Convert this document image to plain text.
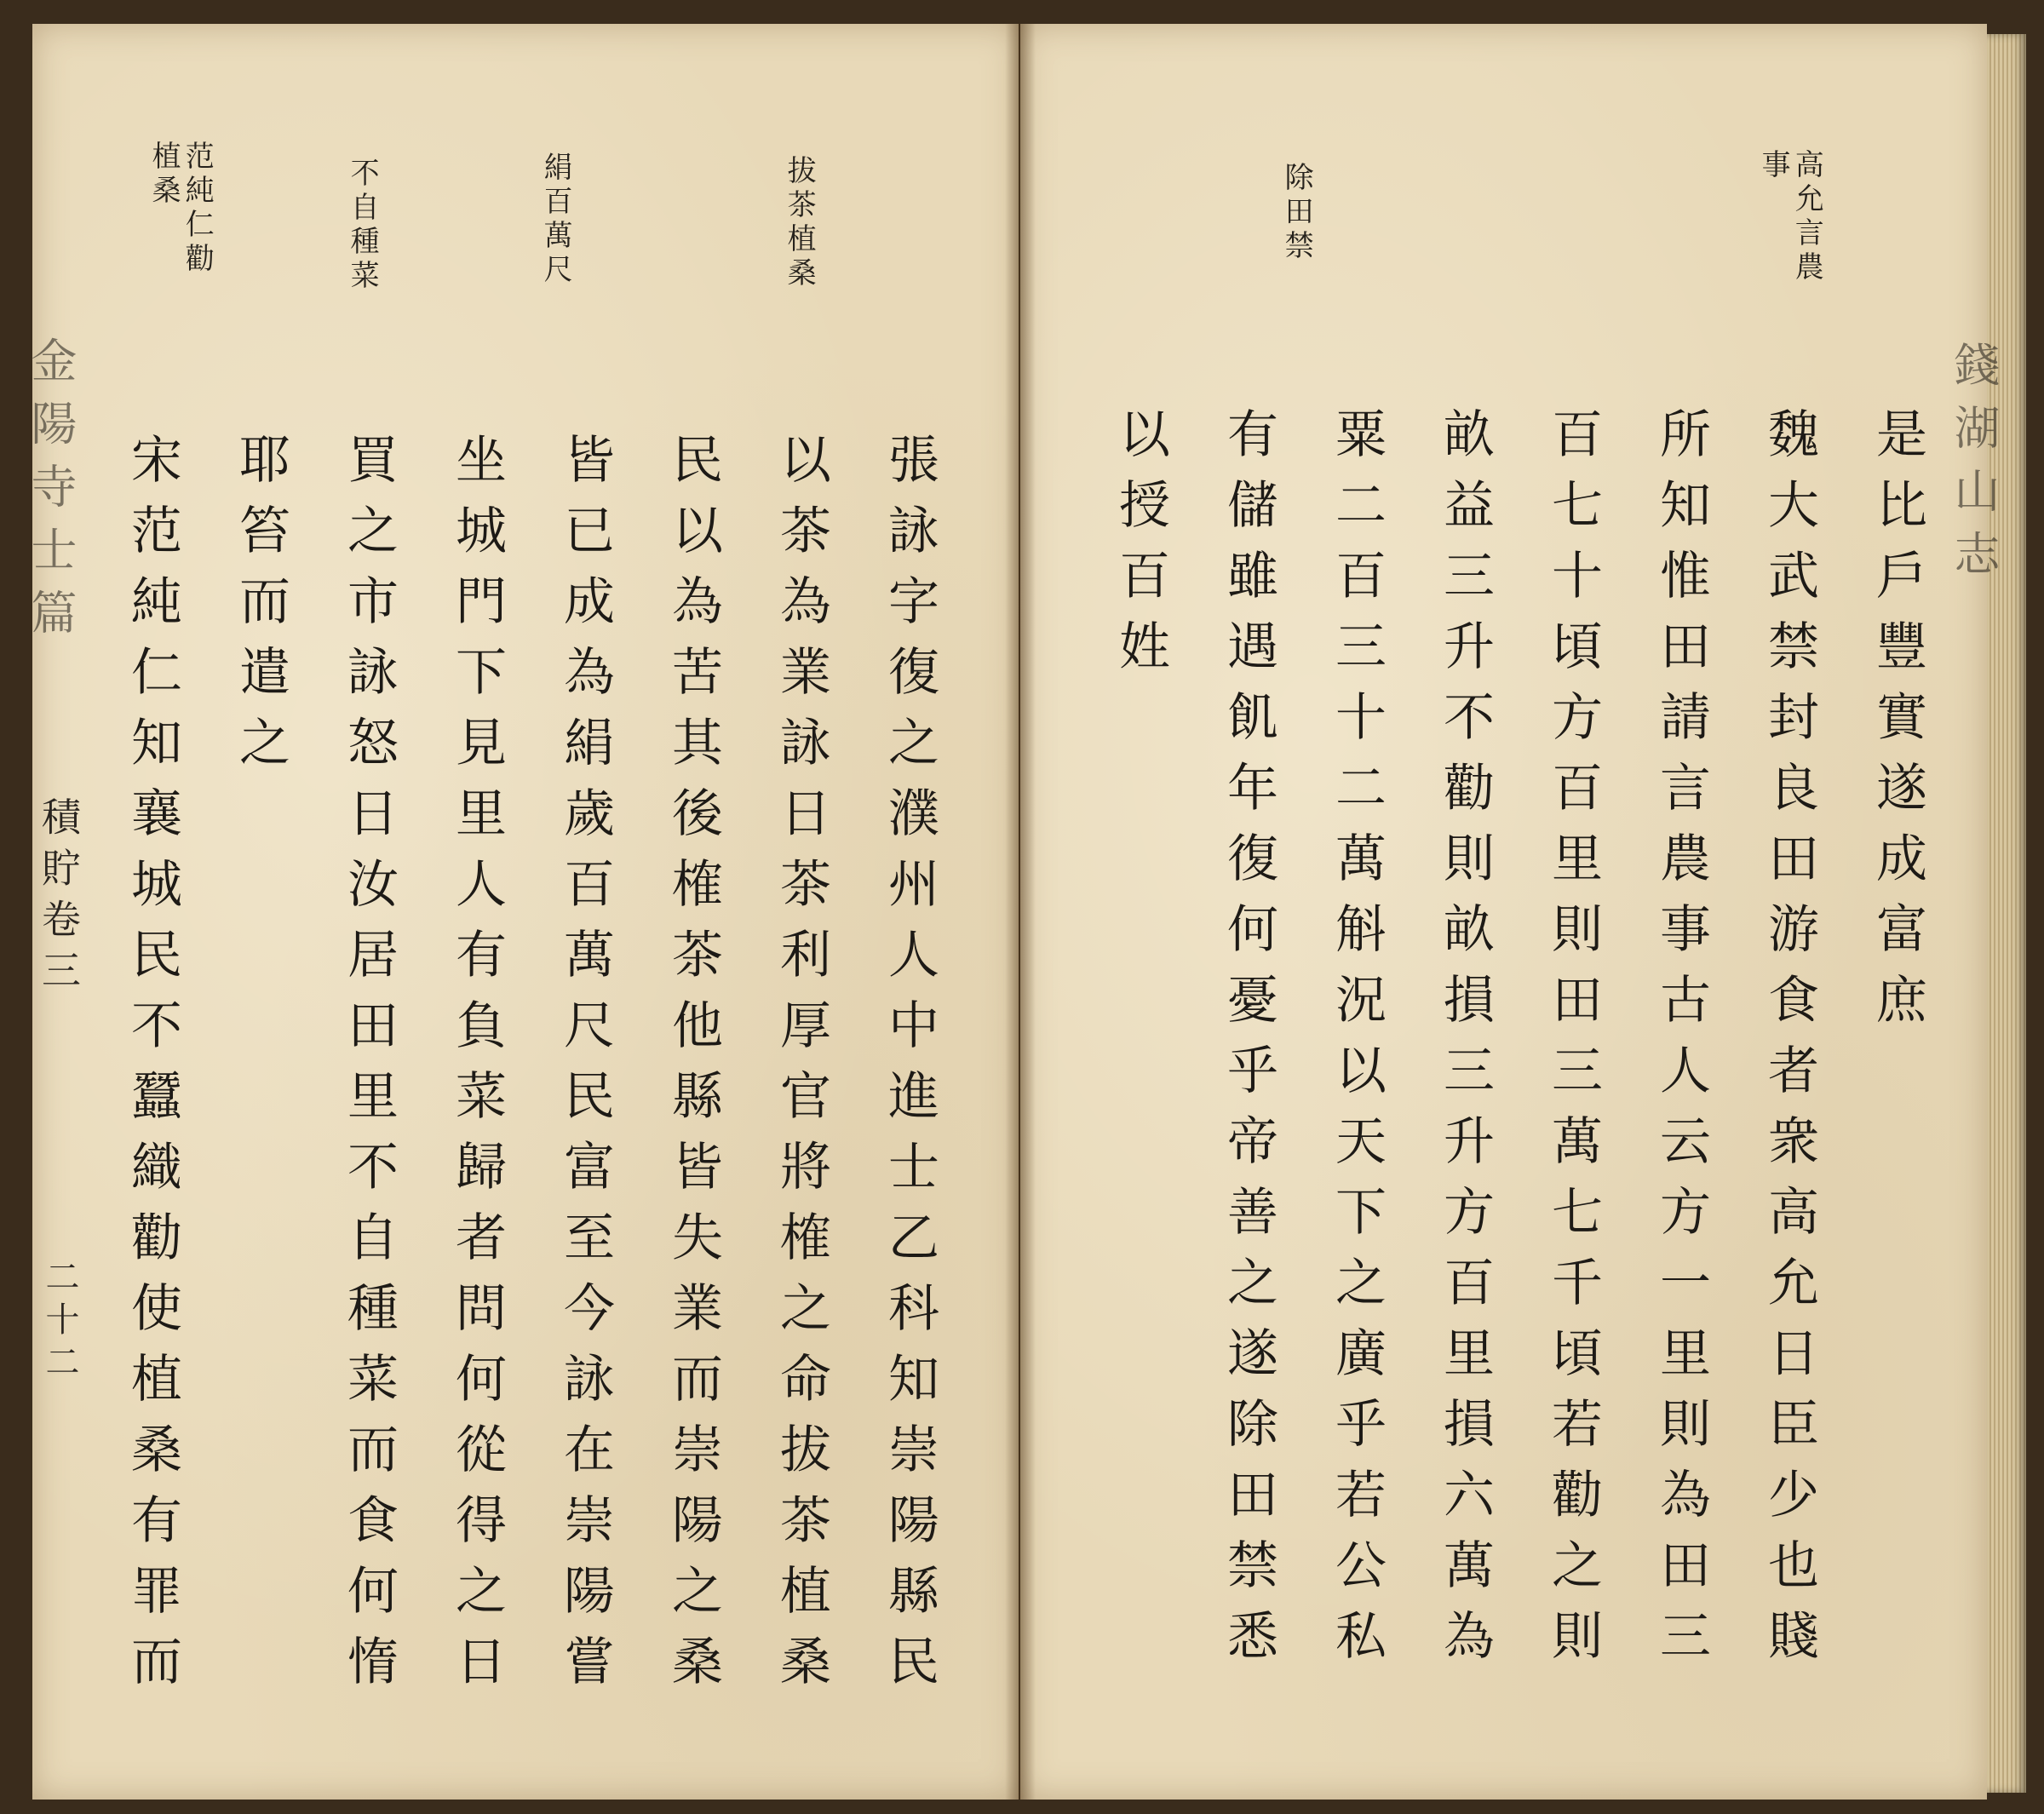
錢湖山志
高允言農
事
除田禁
是比戶豐實遂成富庶
魏大武禁封良田游食者衆高允日臣少也賤
所知惟田請言農事古人云方一里則為田三
百七十頃方百里則田三萬七千頃若勸之則
畝益三升不勸則畝損三升方百里損六萬為
粟二百三十二萬斛況以天下之廣乎若公私
有儲雖遇飢年復何憂乎帝善之遂除田禁悉
以授百姓
拔茶植桑
絹百萬尺
不自種菜
范純仁勸
植桑
張詠字復之濮州人中進士乙科知崇陽縣民
以茶為業詠日茶利厚官將榷之命拔茶植桑
民以為苦其後榷茶他縣皆失業而崇陽之桑
皆已成為絹歲百萬尺民富至今詠在崇陽嘗
坐城門下見里人有負菜歸者問何從得之日
買之市詠怒日汝居田里不自種菜而食何惰
耶笞而遣之
宋范純仁知襄城民不蠶織勸使植桑有罪而
金陽寺士篇
積貯卷三
二十二
